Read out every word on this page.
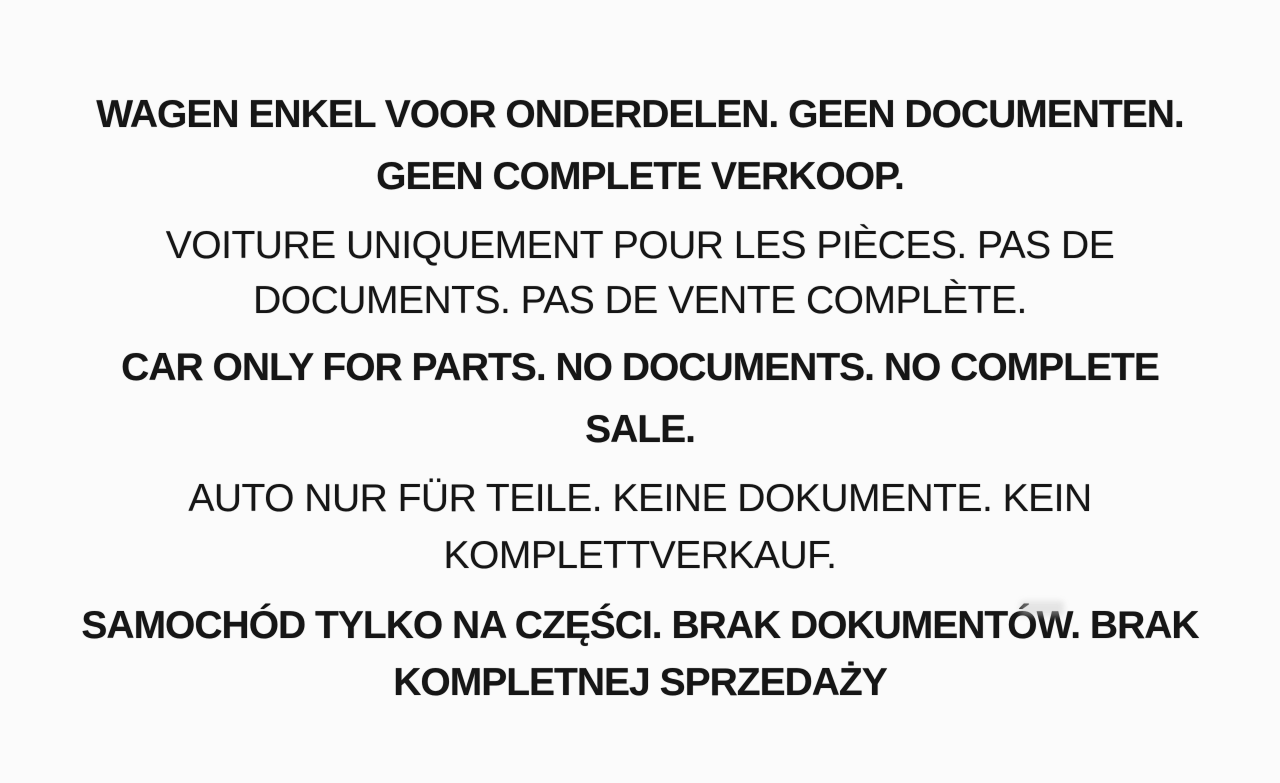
WAGEN ENKEL VOOR ONDERDELEN. GEEN DOCUMENTEN.
GEEN COMPLETE VERKOOP.

VOITURE UNIQUEMENT POUR LES PIÈCES. PAS DE
DOCUMENTS. PAS DE VENTE COMPLÈTE.

CAR ONLY FOR PARTS. NO DOCUMENTS. NO COMPLETE
SALE.

AUTO NUR FÜR TEILE. KEINE DOKUMENTE. KEIN
KOMPLETTVERKAUF.

SAMOCHÓD TYLKO NA CZĘŚCI. BRAK DOKUMENTÓW. BRAK
KOMPLETNEJ SPRZEDAŻY
